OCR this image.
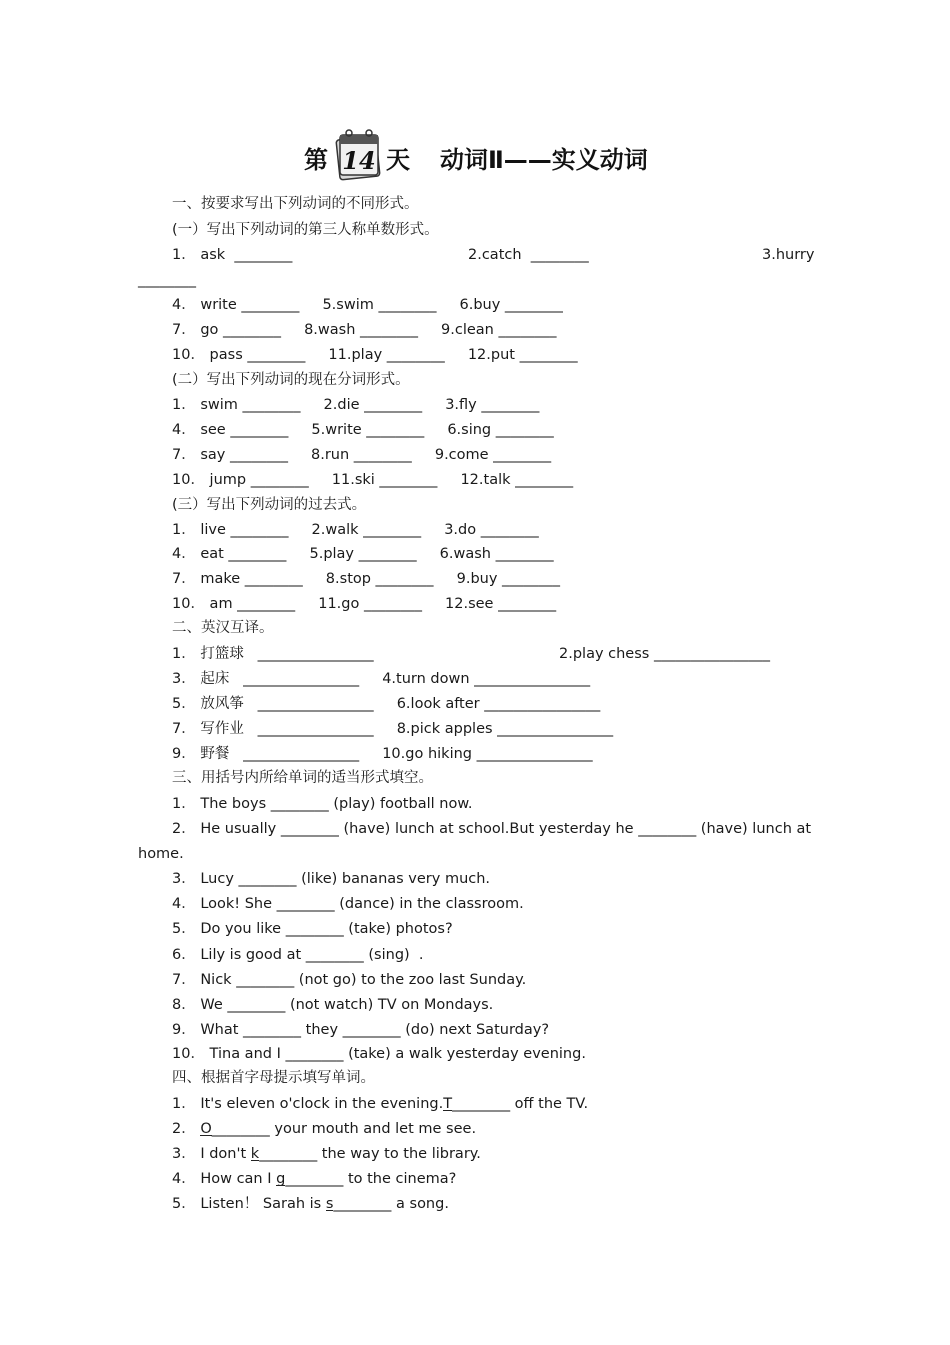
第 14 天 动词Ⅱ——实义动词
一、按要求写出下列动词的不同形式。
(一）写出下列动词的第三人称单数形式。
1． ask  ________	2.catch  ________	3.hurry
________
4． write ________     5.swim ________     6.buy ________
7． go ________     8.wash ________     9.clean ________
10． pass ________     11.play ________     12.put ________
(二）写出下列动词的现在分词形式。
1． swim ________     2.die ________     3.fly ________
4． see ________     5.write ________     6.sing ________
7． say ________     8.run ________     9.come ________
10． jump ________     11.ski ________     12.talk ________
(三）写出下列动词的过去式。
1． live ________     2.walk ________     3.do ________
4． eat ________     5.play ________     6.wash ________
7． make ________     8.stop ________     9.buy ________
10． am ________     11.go ________     12.see ________
二、英汉互译。
1． 打篮球   ________________	2.play chess ________________
3． 起床   ________________     4.turn down ________________
5． 放风筝   ________________     6.look after ________________
7． 写作业   ________________     8.pick apples ________________
9． 野餐   ________________     10.go hiking ________________
三、用括号内所给单词的适当形式填空。
1． The boys ________ (play) football now.
2． He usually ________ (have) lunch at school.But yesterday he ________ (have) lunch at
home.
3． Lucy ________ (like) bananas very much.
4． Look! She ________ (dance) in the classroom.
5． Do you like ________ (take) photos?
6． Lily is good at ________ (sing)  .
7． Nick ________ (not go) to the zoo last Sunday.
8． We ________ (not watch) TV on Mondays.
9． What ________ they ________ (do) next Saturday?
10． Tina and I ________ (take) a walk yesterday evening.
四、根据首字母提示填写单词。
1． It's eleven o'clock in the evening.T________ off the TV.
2． O________ your mouth and let me see.
3． I don't k________ the way to the library.
4． How can I g________ to the cinema?
5． Listen！ Sarah is s________ a song.
